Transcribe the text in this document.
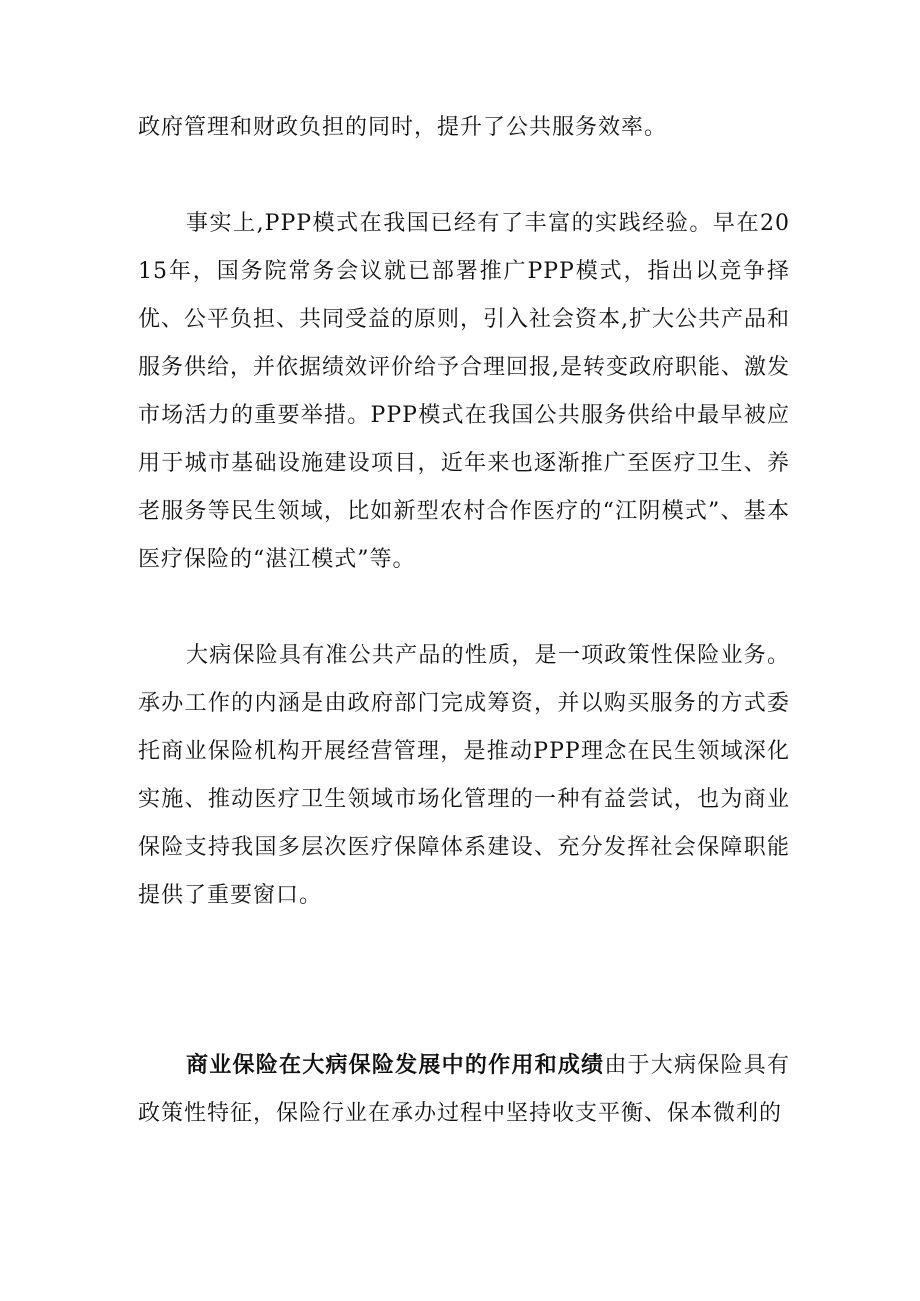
政府管理和财政负担的同时，提升了公共服务效率。

事实上,PPP模式在我国已经有了丰富的实践经验。早在2015年，国务院常务会议就已部署推广PPP模式，指出以竞争择优、公平负担、共同受益的原则，引入社会资本,扩大公共产品和服务供给，并依据绩效评价给予合理回报,是转变政府职能、激发市场活力的重要举措。PPP模式在我国公共服务供给中最早被应用于城市基础设施建设项目，近年来也逐渐推广至医疗卫生、养老服务等民生领域，比如新型农村合作医疗的“江阴模式”、基本医疗保险的“湛江模式”等。

大病保险具有准公共产品的性质，是一项政策性保险业务。承办工作的内涵是由政府部门完成筹资，并以购买服务的方式委托商业保险机构开展经营管理，是推动PPP理念在民生领域深化实施、推动医疗卫生领域市场化管理的一种有益尝试，也为商业保险支持我国多层次医疗保障体系建设、充分发挥社会保障职能提供了重要窗口。

商业保险在大病保险发展中的作用和成绩由于大病保险具有政策性特征，保险行业在承办过程中坚持收支平衡、保本微利的
